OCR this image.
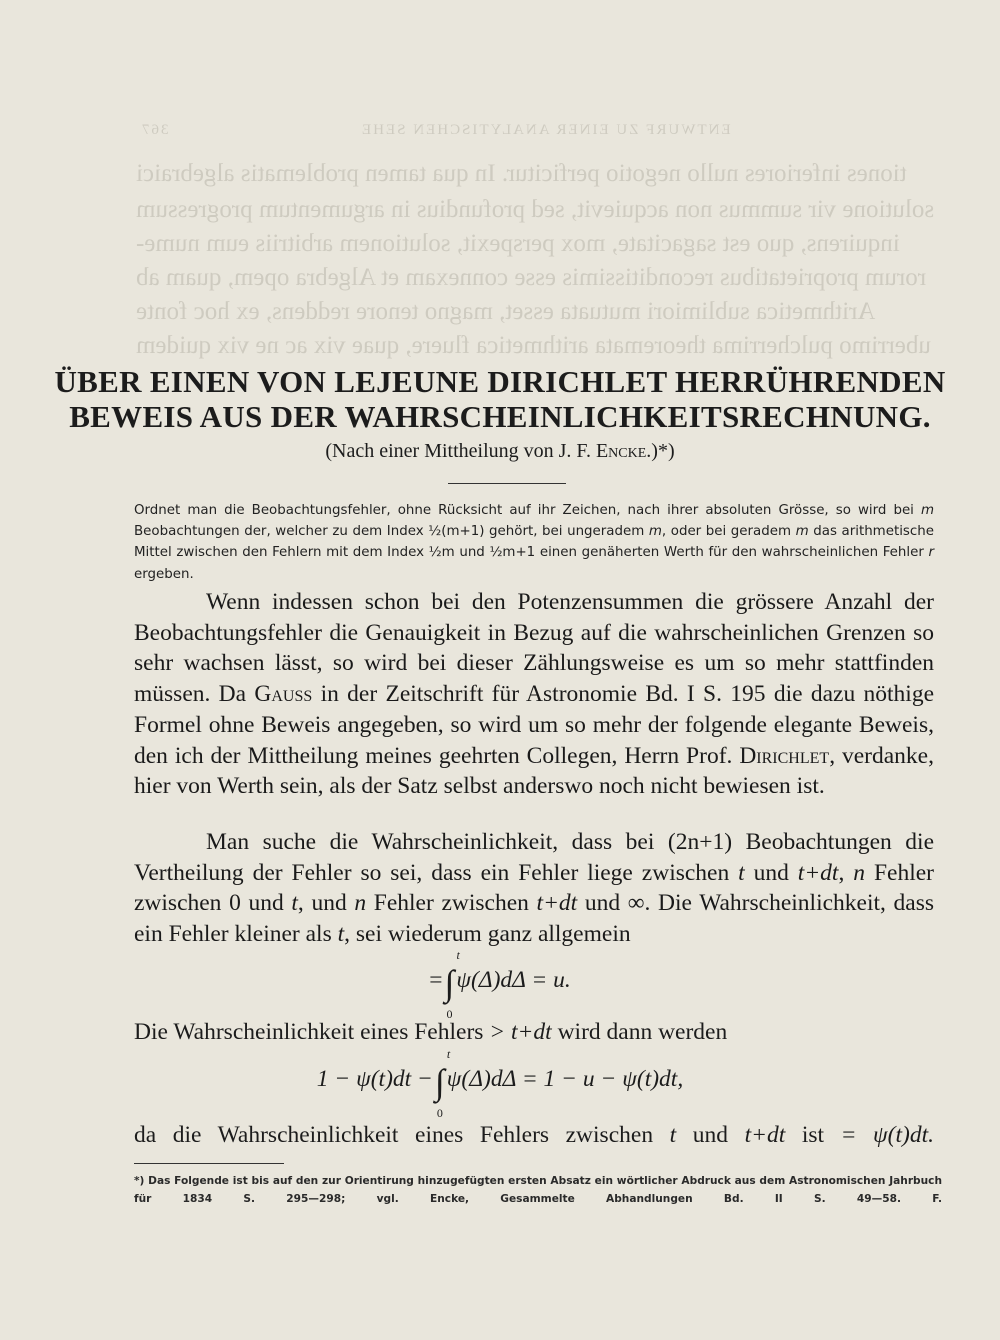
367	ENTWURF ZU EINER ANALYTISCHEN SEHE
tiones inferiores nullo negotio perficitur. In qua tamen problematis algebraici
solutione vir summus non acquievit, sed profundius in argumentum progressum
inquirens, quo est sagacitate, mox perspexit, solutionem arbitriis eum nume-
rorum proprietatibus reconditissimis esse connexam et Algebra opem, quam ab
Arithmetica sublimiori mutuata esset, magno tenore reddens, ex hoc fonte
uberrimo pulcherrima theoremata arithmetica fluere, quae vix ac ne vix quidem
ÜBER EINEN VON LEJEUNE DIRICHLET HERRÜHRENDEN
BEWEIS AUS DER WAHRSCHEINLICHKEITSRECHNUNG.
(Nach einer Mittheilung von J. F. Encke.)*)
Ordnet man die Beobachtungsfehler, ohne Rücksicht auf ihr Zeichen, nach ihrer absoluten Grösse, so wird bei m Beobachtungen der, welcher zu dem Index ½(m+1) gehört, bei ungeradem m, oder bei geradem m das arithmetische Mittel zwischen den Fehlern mit dem Index ½m und ½m+1 einen genäherten Werth für den wahrscheinlichen Fehler r ergeben.
Wenn indessen schon bei den Potenzensummen die grössere Anzahl der Beobachtungsfehler die Genauigkeit in Bezug auf die wahrscheinlichen Grenzen so sehr wachsen lässt, so wird bei dieser Zählungsweise es um so mehr stattfinden müssen. Da Gauss in der Zeitschrift für Astronomie Bd. I S. 195 die dazu nöthige Formel ohne Beweis angegeben, so wird um so mehr der folgende elegante Beweis, den ich der Mittheilung meines geehrten Collegen, Herrn Prof. Dirichlet, verdanke, hier von Werth sein, als der Satz selbst anderswo noch nicht bewiesen ist.
Man suche die Wahrscheinlichkeit, dass bei (2n+1) Beobachtungen die Vertheilung der Fehler so sei, dass ein Fehler liege zwischen t und t+dt, n Fehler zwischen 0 und t, und n Fehler zwischen t+dt und ∞. Die Wahrscheinlichkeit, dass ein Fehler kleiner als t, sei wiederum ganz allgemein
=∫
t
0
ψ(Δ)dΔ = u.
Die Wahrscheinlichkeit eines Fehlers > t+dt wird dann werden
1 − ψ(t)dt −∫
t
0
ψ(Δ)dΔ = 1 − u − ψ(t)dt,
da die Wahrscheinlichkeit eines Fehlers zwischen t und t+dt ist = ψ(t)dt.
*) Das Folgende ist bis auf den zur Orientirung hinzugefügten ersten Absatz ein wörtlicher Abdruck aus dem Astronomischen Jahrbuch für 1834 S. 295—298; vgl. Encke, Gesammelte Abhandlungen Bd. II S. 49—58.	F.
